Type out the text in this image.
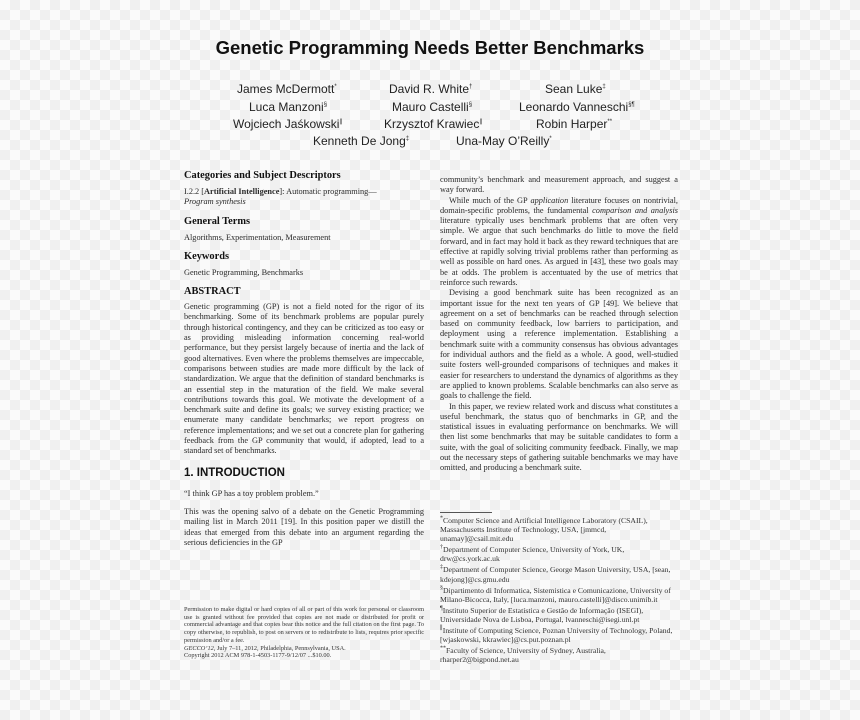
Genetic Programming Needs Better Benchmarks
James McDermott*	David R. White†	Sean Luke‡
Luca Manzoni§	Mauro Castelli§	Leonardo Vanneschi§¶
Wojciech Jaśkowski∥	Krzysztof Krawiec∥	Robin Harper**
Kenneth De Jong‡	Una-May O’Reilly*
Categories and Subject Descriptors
I.2.2 [Artificial Intelligence]: Automatic programming—
Program synthesis
General Terms
Algorithms, Experimentation, Measurement
Keywords
Genetic Programming, Benchmarks
ABSTRACT
Genetic programming (GP) is not a field noted for the rigor of its benchmarking. Some of its benchmark problems are popular purely through historical contingency, and they can be criticized as too easy or as providing misleading information concerning real-world performance, but they persist largely because of inertia and the lack of good alternatives. Even where the problems themselves are impeccable, comparisons between studies are made more difficult by the lack of standardization. We argue that the definition of standard benchmarks is an essential step in the maturation of the field. We make several contributions towards this goal. We motivate the development of a benchmark suite and define its goals; we survey existing practice; we enumerate many candidate benchmarks; we report progress on reference implementations; and we set out a concrete plan for gathering feedback from the GP community that would, if adopted, lead to a standard set of benchmarks.
1. INTRODUCTION
“I think GP has a toy problem problem.”
This was the opening salvo of a debate on the Genetic Programming mailing list in March 2011 [19]. In this position paper we distill the ideas that emerged from this debate into an argument regarding the serious deficiencies in the GP
Permission to make digital or hard copies of all or part of this work for personal or classroom use is granted without fee provided that copies are not made or distributed for profit or commercial advantage and that copies bear this notice and the full citation on the first page. To copy otherwise, to republish, to post on servers or to redistribute to lists, requires prior specific permission and/or a fee.
GECCO’12, July 7–11, 2012, Philadelphia, Pennsylvania, USA.
Copyright 2012 ACM 978-1-4503-1177-9/12/07 ...$10.00.
community’s benchmark and measurement approach, and suggest a way forward.
While much of the GP application literature focuses on nontrivial, domain-specific problems, the fundamental comparison and analysis literature typically uses benchmark problems that are often very simple. We argue that such benchmarks do little to move the field forward, and in fact may hold it back as they reward techniques that are effective at rapidly solving trivial problems rather than performing as well as possible on hard ones. As argued in [43], these two goals may be at odds. The problem is accentuated by the use of metrics that reinforce such rewards.
Devising a good benchmark suite has been recognized as an important issue for the next ten years of GP [49]. We believe that agreement on a set of benchmarks can be reached through selection based on community feedback, low barriers to participation, and deployment using a reference implementation. Establishing a benchmark suite with a community consensus has obvious advantages for individual authors and the field as a whole. A good, well-studied suite fosters well-grounded comparisons of techniques and makes it easier for researchers to understand the dynamics of algorithms as they are applied to known problems. Scalable benchmarks can also serve as goals to challenge the field.
In this paper, we review related work and discuss what constitutes a useful benchmark, the status quo of benchmarks in GP, and the statistical issues in evaluating performance on benchmarks. We will then list some benchmarks that may be suitable candidates to form a suite, with the goal of soliciting community feedback. Finally, we map out the necessary steps of gathering suitable benchmarks we may have omitted, and producing a benchmark suite.
*Computer Science and Artificial Intelligence Laboratory (CSAIL), Massachusetts Institute of Technology, USA, [jmmcd, unamay]@csail.mit.edu
†Department of Computer Science, University of York, UK, drw@cs.york.ac.uk
‡Department of Computer Science, George Mason University, USA, [sean, kdejong]@cs.gmu.edu
§Dipartimento di Informatica, Sistemistica e Comunicazione, University of Milano-Bicocca, Italy, [luca.manzoni, mauro.castelli]@disco.unimib.it
¶Instituto Superior de Estatística e Gestão de Informação (ISEGI), Universidade Nova de Lisboa, Portugal, lvanneschi@isegi.unl.pt
∥Institute of Computing Science, Poznan University of Technology, Poland, [wjaskowski, kkrawiec]@cs.put.poznan.pl
**Faculty of Science, University of Sydney, Australia, rharper2@bigpond.net.au
